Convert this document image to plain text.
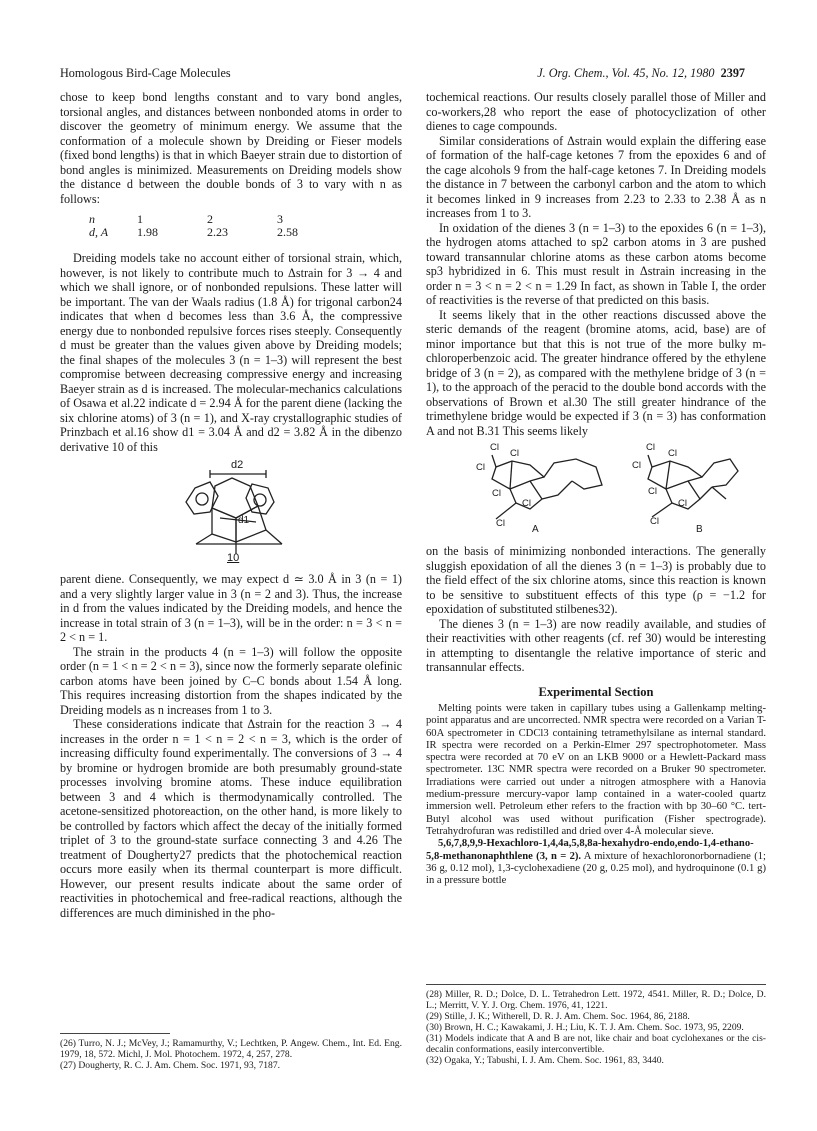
Homologous Bird-Cage Molecules	J. Org. Chem., Vol. 45, No. 12, 1980 2397

chose to keep bond lengths constant and to vary bond angles, torsional angles, and distances between nonbonded atoms in order to discover the geometry of minimum energy. We assume that the conformation of a molecule shown by Dreiding or Fieser models (fixed bond lengths) is that in which Baeyer strain due to distortion of bond angles is minimized. Measurements on Dreiding models show the distance d between the double bonds of 3 to vary with n as follows:

n	1	2	3
d, A	1.98	2.23	2.58

Dreiding models take no account either of torsional strain, which, however, is not likely to contribute much to Δstrain for 3 → 4 and which we shall ignore, or of nonbonded repulsions. These latter will be important. The van der Waals radius (1.8 Å) for trigonal carbon24 indicates that when d becomes less than 3.6 Å, the compressive energy due to nonbonded repulsive forces rises steeply. Consequently d must be greater than the values given above by Dreiding models; the final shapes of the molecules 3 (n = 1–3) will represent the best compromise between decreasing compressive energy and increasing Baeyer strain as d is increased. The molecular-mechanics calculations of Osawa et al.22 indicate d = 2.94 Å for the parent diene (lacking the six chlorine atoms) of 3 (n = 1), and X-ray crystallographic studies of Prinzbach et al.16 show d1 = 3.04 Å and d2 = 3.82 Å in the dibenzo derivative 10 of this

d2
d1
10

parent diene. Consequently, we may expect d ≃ 3.0 Å in 3 (n = 1) and a very slightly larger value in 3 (n = 2 and 3). Thus, the increase in d from the values indicated by the Dreiding models, and hence the increase in total strain of 3 (n = 1–3), will be in the order: n = 3 < n = 2 < n = 1.

The strain in the products 4 (n = 1–3) will follow the opposite order (n = 1 < n = 2 < n = 3), since now the formerly separate olefinic carbon atoms have been joined by C–C bonds about 1.54 Å long. This requires increasing distortion from the shapes indicated by the Dreiding models as n increases from 1 to 3.

These considerations indicate that Δstrain for the reaction 3 → 4 increases in the order n = 1 < n = 2 < n = 3, which is the order of increasing difficulty found experimentally. The conversions of 3 → 4 by bromine or hydrogen bromide are both presumably ground-state processes involving bromine atoms. These induce equilibration between 3 and 4 which is thermodynamically controlled. The acetone-sensitized photoreaction, on the other hand, is more likely to be controlled by factors which affect the decay of the initially formed triplet of 3 to the ground-state surface connecting 3 and 4.26 The treatment of Dougherty27 predicts that the photochemical reaction occurs more easily when its thermal counterpart is more difficult. However, our present results indicate about the same order of reactivities in photochemical and free-radical reactions, although the differences are much diminished in the pho-

(26) Turro, N. J.; McVey, J.; Ramamurthy, V.; Lechtken, P. Angew. Chem., Int. Ed. Eng. 1979, 18, 572. Michl, J. Mol. Photochem. 1972, 4, 257, 278.

(27) Dougherty, R. C. J. Am. Chem. Soc. 1971, 93, 7187.

tochemical reactions. Our results closely parallel those of Miller and co-workers,28 who report the ease of photocyclization of other dienes to cage compounds.

Similar considerations of Δstrain would explain the differing ease of formation of the half-cage ketones 7 from the epoxides 6 and of the cage alcohols 9 from the half-cage ketones 7. In Dreiding models the distance in 7 between the carbonyl carbon and the atom to which it becomes linked in 9 increases from 2.23 to 2.33 to 2.38 Å as n increases from 1 to 3.

In oxidation of the dienes 3 (n = 1–3) to the epoxides 6 (n = 1–3), the hydrogen atoms attached to sp2 carbon atoms in 3 are pushed toward transannular chlorine atoms as these carbon atoms become sp3 hybridized in 6. This must result in Δstrain increasing in the order n = 3 < n = 2 < n = 1.29 In fact, as shown in Table I, the order of reactivities is the reverse of that predicted on this basis.

It seems likely that in the other reactions discussed above the steric demands of the reagent (bromine atoms, acid, base) are of minor importance but that this is not true of the more bulky m-chloroperbenzoic acid. The greater hindrance offered by the ethylene bridge of 3 (n = 2), as compared with the methylene bridge of 3 (n = 1), to the approach of the peracid to the double bond accords with the observations of Brown et al.30 The still greater hindrance of the trimethylene bridge would be expected if 3 (n = 3) has conformation A and not B.31 This seems likely

Cl
Cl
Cl
Cl
Cl
Cl
A
Cl
Cl
Cl
Cl
Cl
Cl
B

on the basis of minimizing nonbonded interactions. The generally sluggish epoxidation of all the dienes 3 (n = 1–3) is probably due to the field effect of the six chlorine atoms, since this reaction is known to be sensitive to substituent effects of this type (ρ = −1.2 for epoxidation of substituted stilbenes32).

The dienes 3 (n = 1–3) are now readily available, and studies of their reactivities with other reagents (cf. ref 30) would be interesting in attempting to disentangle the relative importance of steric and transannular effects.

Experimental Section

Melting points were taken in capillary tubes using a Gallenkamp melting-point apparatus and are uncorrected. NMR spectra were recorded on a Varian T-60A spectrometer in CDCl3 containing tetramethylsilane as internal standard. IR spectra were recorded on a Perkin-Elmer 297 spectrophotometer. Mass spectra were recorded at 70 eV on an LKB 9000 or a Hewlett-Packard mass spectrometer. 13C NMR spectra were recorded on a Bruker 90 spectrometer. Irradiations were carried out under a nitrogen atmosphere with a Hanovia medium-pressure mercury-vapor lamp contained in a water-cooled quartz immersion well. Petroleum ether refers to the fraction with bp 30–60 °C. tert-Butyl alcohol was used without purification (Fisher spectrograde). Tetrahydrofuran was redistilled and dried over 4-Å molecular sieve.

5,6,7,8,9,9-Hexachloro-1,4,4a,5,8,8a-hexahydro-endo,endo-1,4-ethano-5,8-methanonaphthlene (3, n = 2). A mixture of hexachloronorbornadiene (1; 36 g, 0.12 mol), 1,3-cyclohexadiene (20 g, 0.25 mol), and hydroquinone (0.1 g) in a pressure bottle

(28) Miller, R. D.; Dolce, D. L. Tetrahedron Lett. 1972, 4541. Miller, R. D.; Dolce, D. L.; Merritt, V. Y. J. Org. Chem. 1976, 41, 1221.

(29) Stille, J. K.; Witherell, D. R. J. Am. Chem. Soc. 1964, 86, 2188.

(30) Brown, H. C.; Kawakami, J. H.; Liu, K. T. J. Am. Chem. Soc. 1973, 95, 2209.

(31) Models indicate that A and B are not, like chair and boat cyclohexanes or the cis-decalin conformations, easily interconvertible.

(32) Ogaka, Y.; Tabushi, I. J. Am. Chem. Soc. 1961, 83, 3440.
